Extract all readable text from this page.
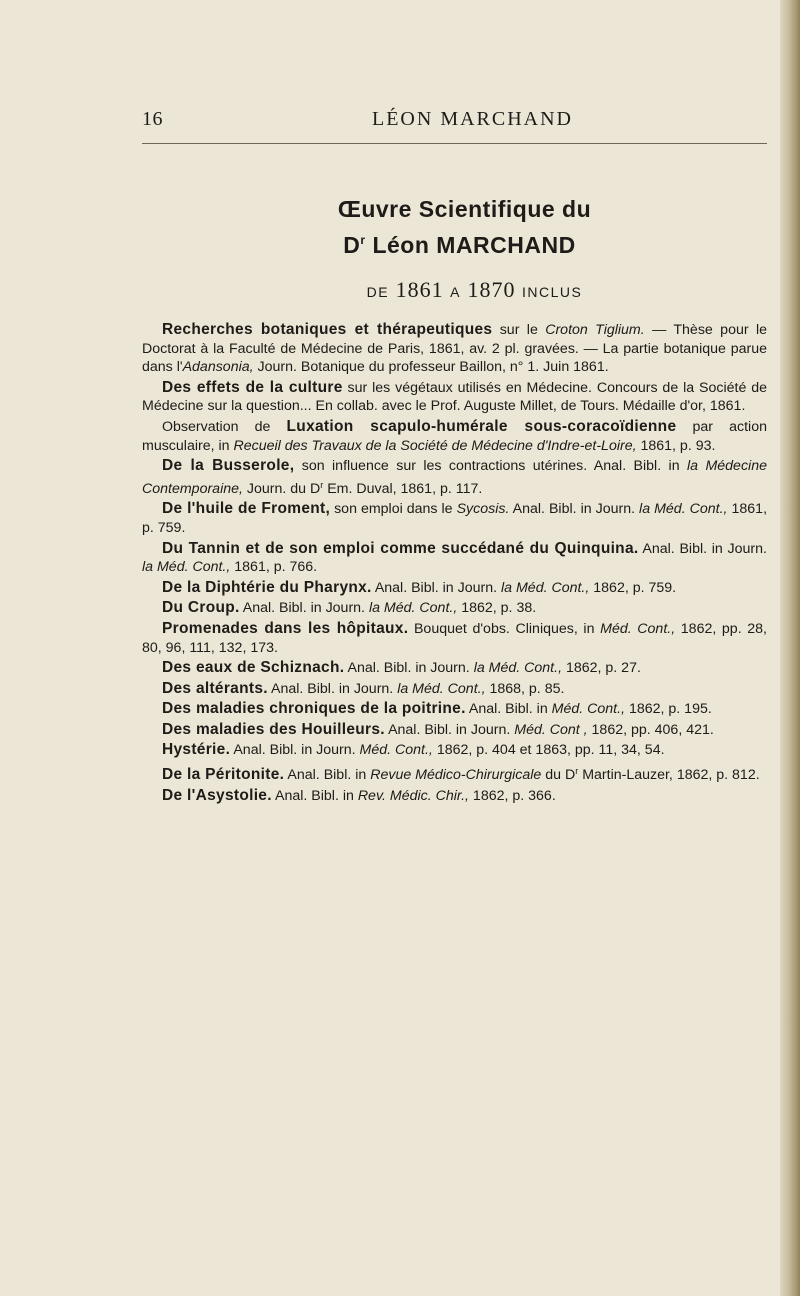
16	LÉON MARCHAND

Œuvre Scientifique du

$D^r$ Léon MARCHAND

DE 1861 A 1870 INCLUS

Recherches botaniques et thérapeutiques sur le Croton Tiglium. — Thèse pour le Doctorat à la Faculté de Médecine de Paris, 1861, av. 2 pl. gravées. — La partie botanique parue dans l'Adansonia, Journ. Botanique du professeur Baillon, n° 1. Juin 1861.

Des effets de la culture sur les végétaux utilisés en Médecine. Concours de la Société de Médecine sur la question... En collab. avec le Prof. Auguste Millet, de Tours. Médaille d'or, 1861.

Observation de Luxation scapulo-humérale sous-coracoïdienne par action musculaire, in Recueil des Travaux de la Société de Médecine d'Indre-et-Loire, 1861, p. 93.

De la Busserole, son influence sur les contractions utérines. Anal. Bibl. in la Médecine Contemporaine, Journ. du $D^r$ Em. Duval, 1861, p. 117.

De l'huile de Froment, son emploi dans le Sycosis. Anal. Bibl. in Journ. la Méd. Cont., 1861, p. 759.

Du Tannin et de son emploi comme succédané du Quinquina. Anal. Bibl. in Journ. la Méd. Cont., 1861, p. 766.

De la Diphtérie du Pharynx. Anal. Bibl. in Journ. la Méd. Cont., 1862, p. 759.

Du Croup. Anal. Bibl. in Journ. la Méd. Cont., 1862, p. 38.

Promenades dans les hôpitaux. Bouquet d'obs. Cliniques, in Méd. Cont., 1862, pp. 28, 80, 96, 111, 132, 173.

Des eaux de Schiznach. Anal. Bibl. in Journ. la Méd. Cont., 1862, p. 27.

Des altérants. Anal. Bibl. in Journ. la Méd. Cont., 1868, p. 85.

Des maladies chroniques de la poitrine. Anal. Bibl. in Méd. Cont., 1862, p. 195.

Des maladies des Houilleurs. Anal. Bibl. in Journ. Méd. Cont , 1862, pp. 406, 421.

Hystérie. Anal. Bibl. in Journ. Méd. Cont., 1862, p. 404 et 1863, pp. 11, 34, 54.

De la Péritonite. Anal. Bibl. in Revue Médico-Chirurgicale du $D^r$ Martin-Lauzer, 1862, p. 812.

De l'Asystolie. Anal. Bibl. in Rev. Médic. Chir., 1862, p. 366.
